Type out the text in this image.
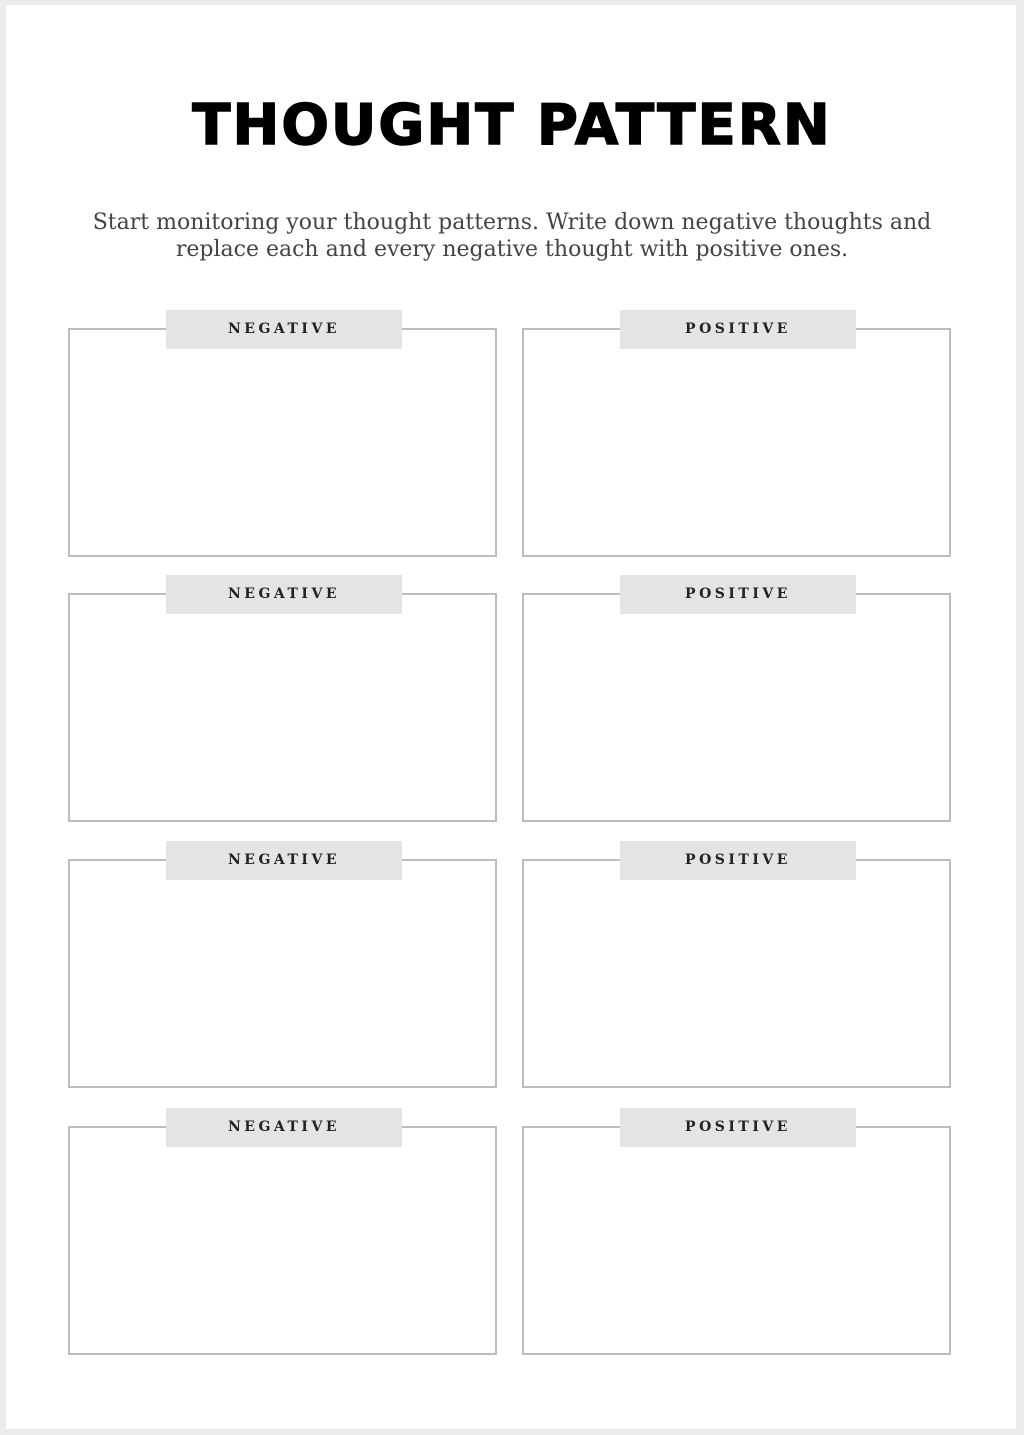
THOUGHT PATTERN

Start monitoring your thought patterns. Write down negative thoughts and replace each and every negative thought with positive ones.

NEGATIVE	POSITIVE
NEGATIVE	POSITIVE
NEGATIVE	POSITIVE
NEGATIVE	POSITIVE
